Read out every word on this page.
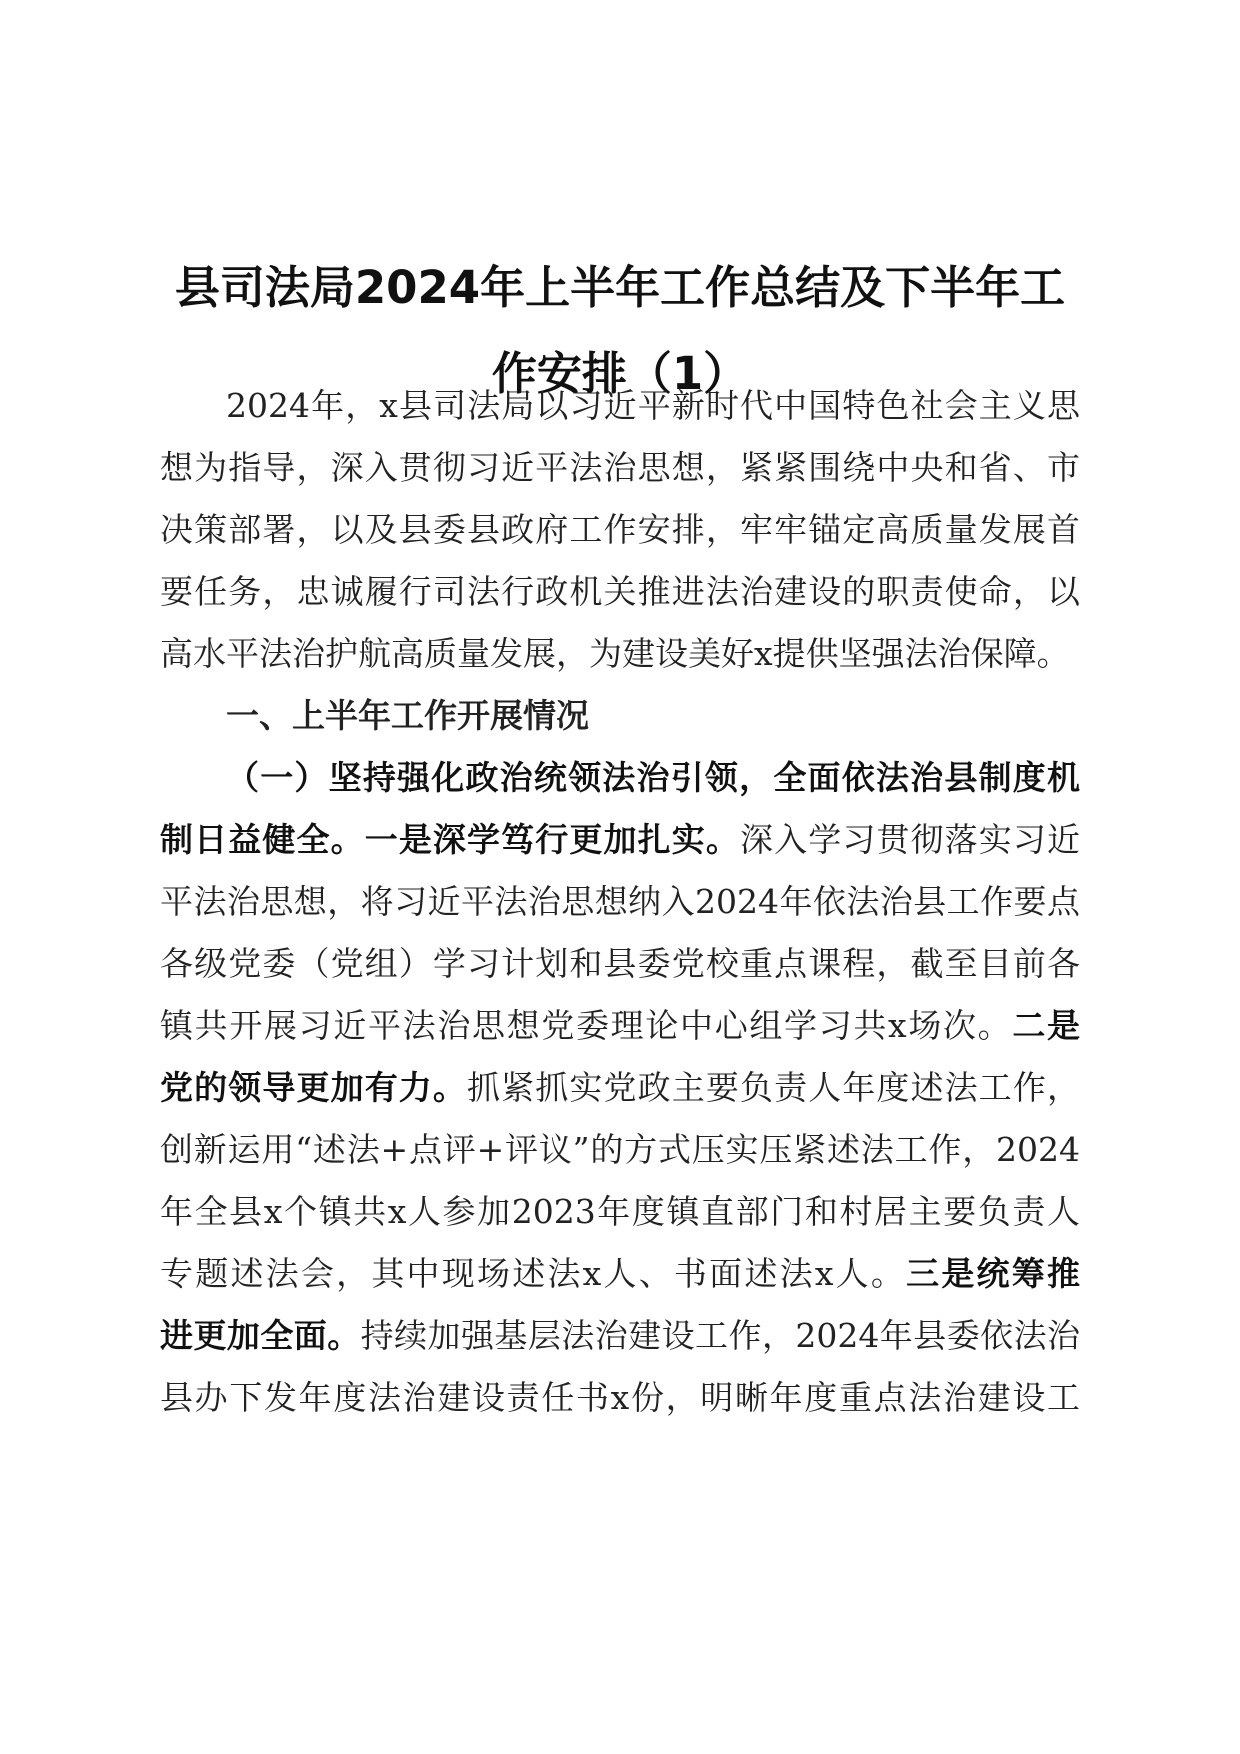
县司法局2024年上半年工作总结及下半年工
作安排（1）
2024年，x县司法局以习近平新时代中国特色社会主义思
想为指导，深入贯彻习近平法治思想，紧紧围绕中央和省、市
决策部署，以及县委县政府工作安排，牢牢锚定高质量发展首
要任务，忠诚履行司法行政机关推进法治建设的职责使命，以
高水平法治护航高质量发展，为建设美好x提供坚强法治保障。
一、上半年工作开展情况
（一）坚持强化政治统领法治引领，全面依法治县制度机
制日益健全。一是深学笃行更加扎实。深入学习贯彻落实习近
平法治思想，将习近平法治思想纳入2024年依法治县工作要点
各级党委（党组）学习计划和县委党校重点课程，截至目前各
镇共开展习近平法治思想党委理论中心组学习共x场次。二是
党的领导更加有力。抓紧抓实党政主要负责人年度述法工作，
创新运用“述法+点评+评议”的方式压实压紧述法工作，2024
年全县x个镇共x人参加2023年度镇直部门和村居主要负责人
专题述法会，其中现场述法x人、书面述法x人。三是统筹推
进更加全面。持续加强基层法治建设工作，2024年县委依法治
县办下发年度法治建设责任书x份，明晰年度重点法治建设工
